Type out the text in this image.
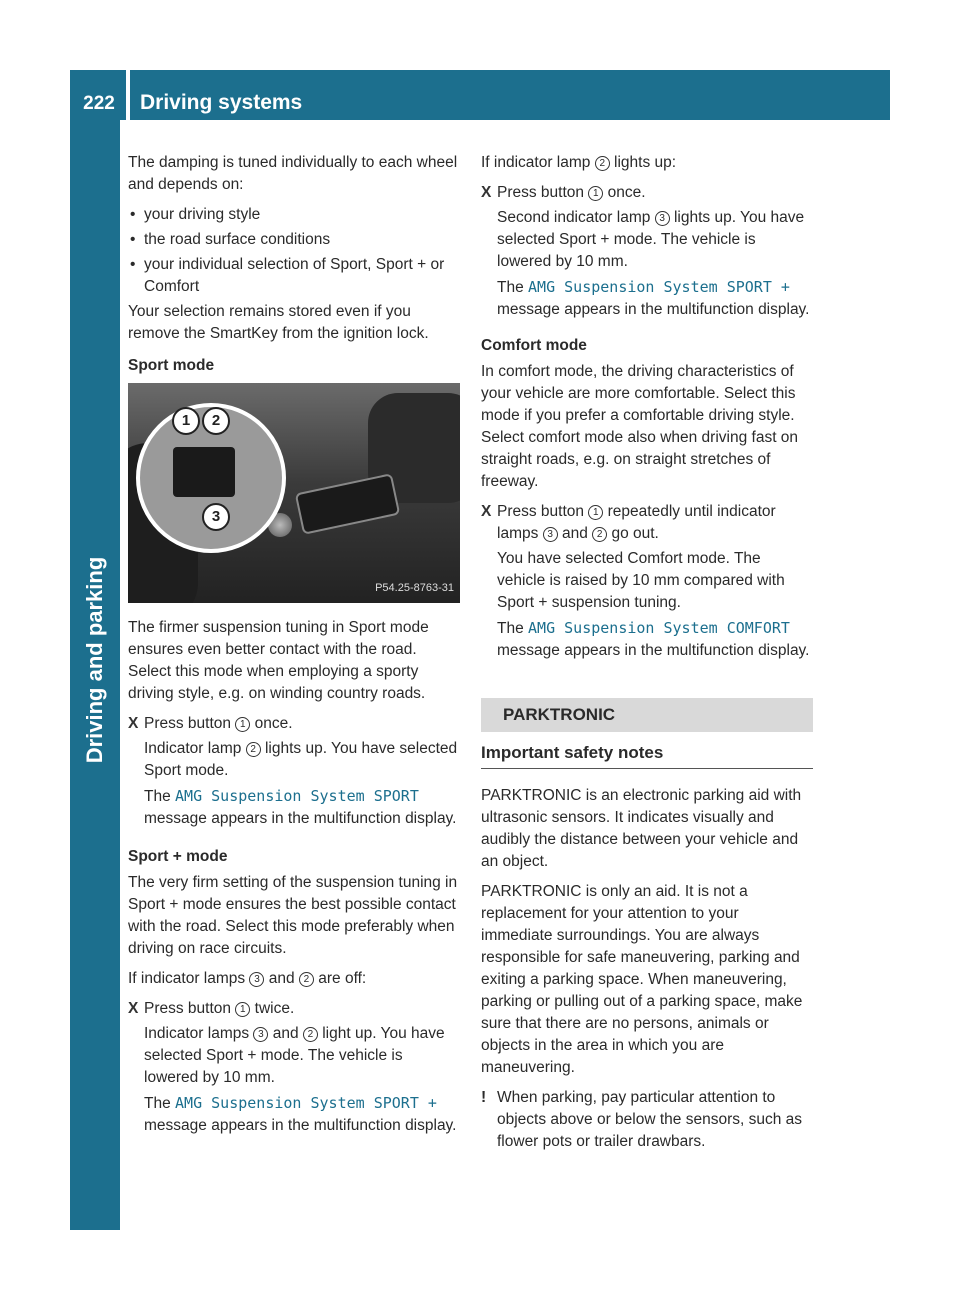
222	Driving systems
Driving and parking

The damping is tuned individually to each wheel and depends on:

• your driving style

• the road surface conditions

• your individual selection of Sport, Sport + or Comfort

Your selection remains stored even if you remove the SmartKey from the ignition lock.

Sport mode

1	2
3
P54.25-8763-31

The firmer suspension tuning in Sport mode ensures even better contact with the road. Select this mode when employing a sporty driving style, e.g. on winding country roads.

X Press button 1 once.

Indicator lamp 2 lights up. You have selected Sport mode.

The AMG Suspension System SPORT message appears in the multifunction display.

Sport + mode

The very firm setting of the suspension tuning in Sport + mode ensures the best possible contact with the road. Select this mode preferably when driving on race circuits.

If indicator lamps 3 and 2 are off:

X Press button 1 twice.

Indicator lamps 3 and 2 light up. You have selected Sport + mode. The vehicle is lowered by 10 mm.

The AMG Suspension System SPORT + message appears in the multifunction display.

If indicator lamp 2 lights up:

X Press button 1 once.

Second indicator lamp 3 lights up. You have selected Sport + mode. The vehicle is lowered by 10 mm.

The AMG Suspension System SPORT + message appears in the multifunction display.

Comfort mode

In comfort mode, the driving characteristics of your vehicle are more comfortable. Select this mode if you prefer a comfortable driving style. Select comfort mode also when driving fast on straight roads, e.g. on straight stretches of freeway.

X Press button 1 repeatedly until indicator lamps 3 and 2 go out.

You have selected Comfort mode. The vehicle is raised by 10 mm compared with Sport + suspension tuning.

The AMG Suspension System COMFORT message appears in the multifunction display.

PARKTRONIC
Important safety notes

PARKTRONIC is an electronic parking aid with ultrasonic sensors. It indicates visually and audibly the distance between your vehicle and an object.

PARKTRONIC is only an aid. It is not a replacement for your attention to your immediate surroundings. You are always responsible for safe maneuvering, parking and exiting a parking space. When maneuvering, parking or pulling out of a parking space, make sure that there are no persons, animals or objects in the area in which you are maneuvering.

! When parking, pay particular attention to objects above or below the sensors, such as flower pots or trailer drawbars.
